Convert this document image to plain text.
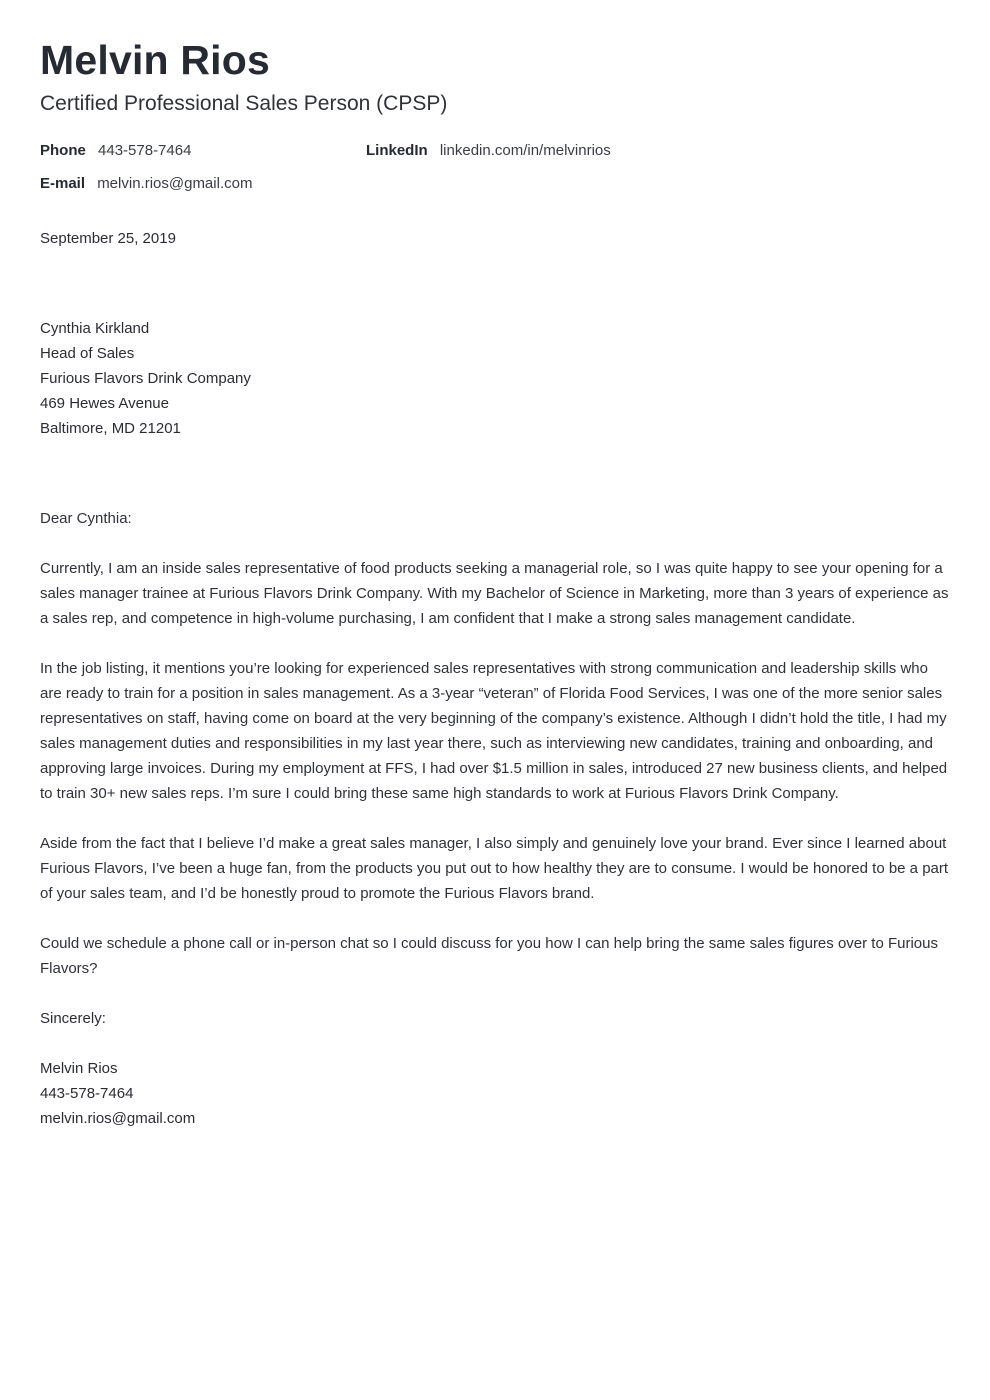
Melvin Rios
Certified Professional Sales Person (CPSP)
Phone 443-578-7464	LinkedIn linkedin.com/in/melvinrios
E-mail melvin.rios@gmail.com
September 25, 2019
Cynthia Kirkland
Head of Sales
Furious Flavors Drink Company
469 Hewes Avenue
Baltimore, MD 21201

Dear Cynthia:

Currently, I am an inside sales representative of food products seeking a managerial role, so I was quite happy to see your opening for a sales manager trainee at Furious Flavors Drink Company. With my Bachelor of Science in Marketing, more than 3 years of experience as a sales rep, and competence in high-volume purchasing, I am confident that I make a strong sales management candidate.

In the job listing, it mentions you’re looking for experienced sales representatives with strong communication and leadership skills who are ready to train for a position in sales management. As a 3-year “veteran” of Florida Food Services, I was one of the more senior sales representatives on staff, having come on board at the very beginning of the company’s existence. Although I didn’t hold the title, I had my sales management duties and responsibilities in my last year there, such as interviewing new candidates, training and onboarding, and approving large invoices. During my employment at FFS, I had over $1.5 million in sales, introduced 27 new business clients, and helped to train 30+ new sales reps. I’m sure I could bring these same high standards to work at Furious Flavors Drink Company.

Aside from the fact that I believe I’d make a great sales manager, I also simply and genuinely love your brand. Ever since I learned about Furious Flavors, I’ve been a huge fan, from the products you put out to how healthy they are to consume. I would be honored to be a part of your sales team, and I’d be honestly proud to promote the Furious Flavors brand.

Could we schedule a phone call or in-person chat so I could discuss for you how I can help bring the same sales figures over to Furious Flavors?

Sincerely:
Melvin Rios
443-578-7464
melvin.rios@gmail.com
